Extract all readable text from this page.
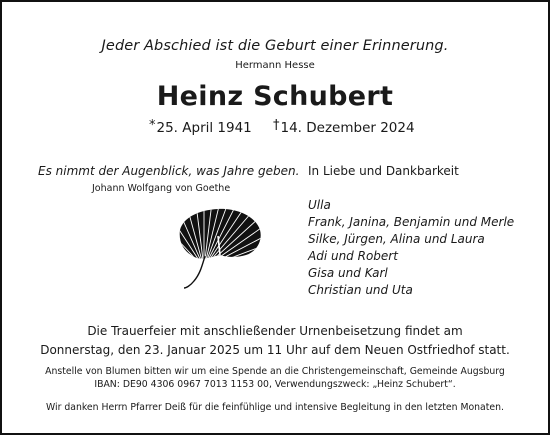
Jeder Abschied ist die Geburt einer Erinnerung.

Hermann Hesse

Heinz Schubert
*25. April 1941 †14. Dezember 2024

Es nimmt der Augenblick, was Jahre geben.

Johann Wolfgang von Goethe

In Liebe und Dankbarkeit

Ulla
Frank, Janina, Benjamin und Merle
Silke, Jürgen, Alina und Laura
Adi und Robert
Gisa und Karl
Christian und Uta
Die Trauerfeier mit anschließender Urnenbeisetzung findet am
Donnerstag, den 23. Januar 2025 um 11 Uhr auf dem Neuen Ostfriedhof statt.
Anstelle von Blumen bitten wir um eine Spende an die Christengemeinschaft, Gemeinde Augsburg
IBAN: DE90 4306 0967 7013 1153 00, Verwendungszweck: „Heinz Schubert“.

Wir danken Herrn Pfarrer Deiß für die feinfühlige und intensive Begleitung in den letzten Monaten.
